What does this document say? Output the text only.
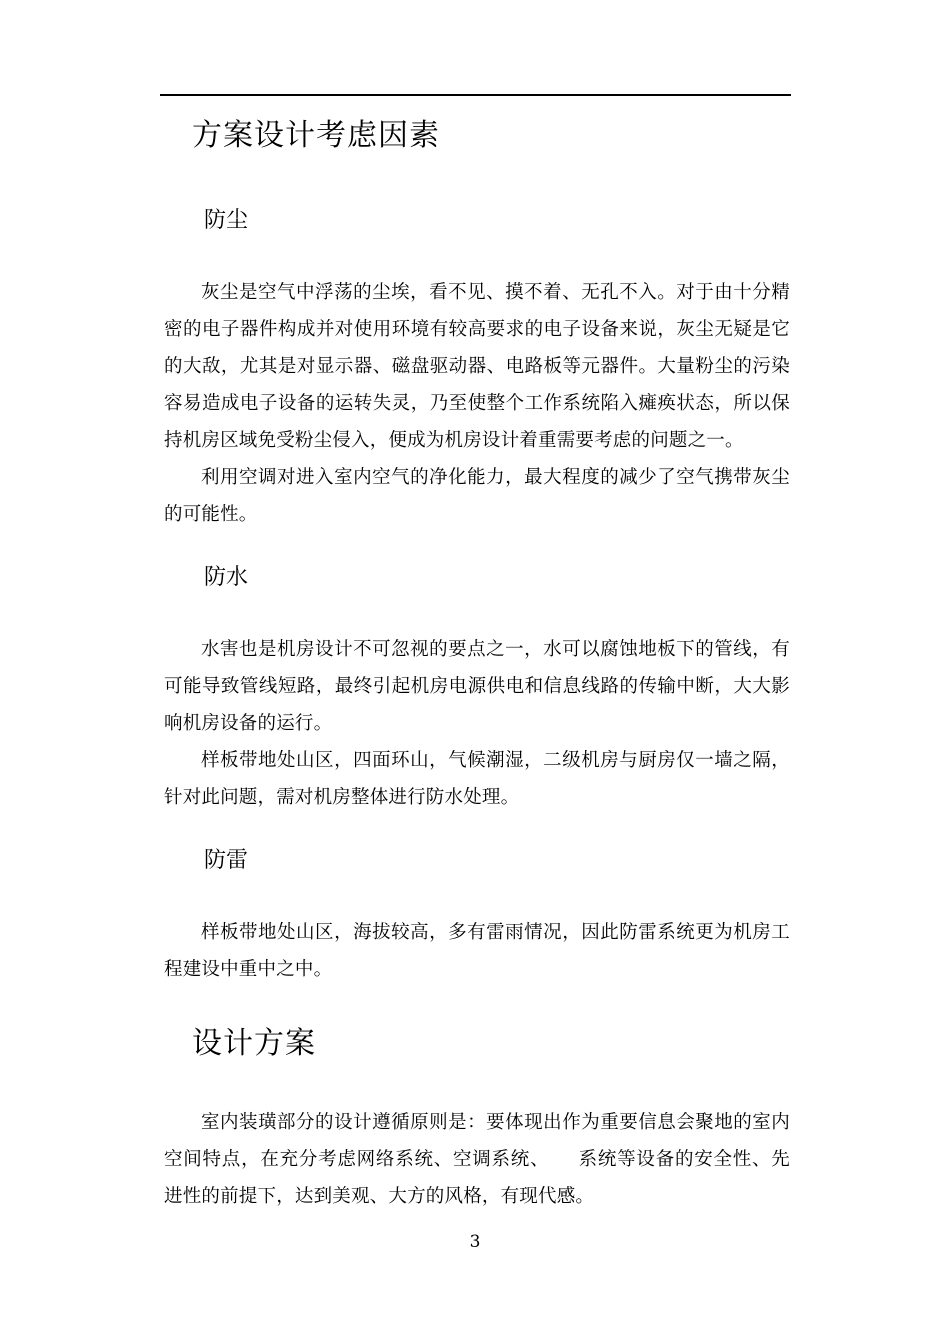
方案设计考虑因素
防尘

灰尘是空气中浮荡的尘埃，看不见、摸不着、无孔不入。对于由十分精密的电子器件构成并对使用环境有较高要求的电子设备来说，灰尘无疑是它的大敌，尤其是对显示器、磁盘驱动器、电路板等元器件。大量粉尘的污染容易造成电子设备的运转失灵，乃至使整个工作系统陷入瘫痪状态，所以保持机房区域免受粉尘侵入，便成为机房设计着重需要考虑的问题之一。

利用空调对进入室内空气的净化能力，最大程度的减少了空气携带灰尘的可能性。

防水

水害也是机房设计不可忽视的要点之一，水可以腐蚀地板下的管线，有可能导致管线短路，最终引起机房电源供电和信息线路的传输中断，大大影响机房设备的运行。

样板带地处山区，四面环山，气候潮湿，二级机房与厨房仅一墙之隔，针对此问题，需对机房整体进行防水处理。

防雷

样板带地处山区，海拔较高，多有雷雨情况，因此防雷系统更为机房工程建设中重中之中。

设计方案

室内装璜部分的设计遵循原则是：要体现出作为重要信息会聚地的室内空间特点，在充分考虑网络系统、空调系统、　　系统等设备的安全性、先进性的前提下，达到美观、大方的风格，有现代感。

3
